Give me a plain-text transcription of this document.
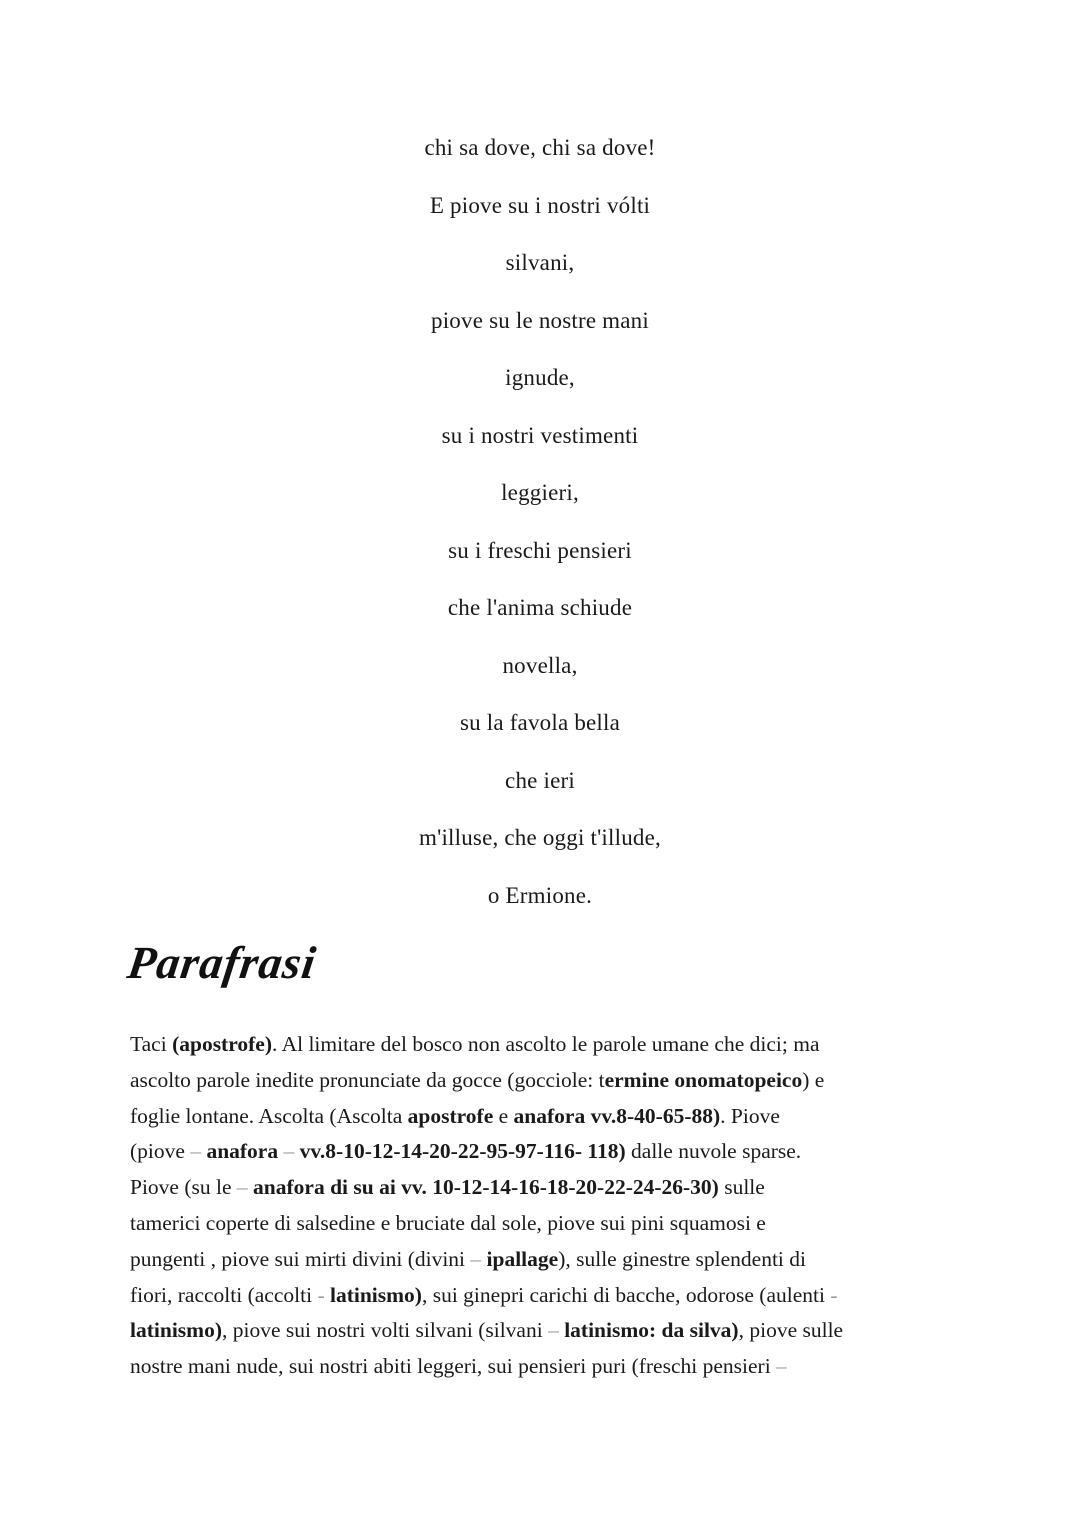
chi sa dove, chi sa dove!
E piove su i nostri vólti
silvani,
piove su le nostre mani
ignude,
su i nostri vestimenti
leggieri,
su i freschi pensieri
che l'anima schiude
novella,
su la favola bella
che ieri
m'illuse, che oggi t'illude,
o Ermione.
Parafrasi
Taci (apostrofe). Al limitare del bosco non ascolto le parole umane che dici; ma
ascolto parole inedite pronunciate da gocce (gocciole: termine onomatopeico) e
foglie lontane. Ascolta (Ascolta apostrofe e anafora vv.8-40-65-88). Piove
(piove – anafora – vv.8-10-12-14-20-22-95-97-116- 118) dalle nuvole sparse.
Piove (su le – anafora di su ai vv. 10-12-14-16-18-20-22-24-26-30) sulle
tamerici coperte di salsedine e bruciate dal sole, piove sui pini squamosi e
pungenti , piove sui mirti divini (divini – ipallage), sulle ginestre splendenti di
fiori, raccolti (accolti - latinismo), sui ginepri carichi di bacche, odorose (aulenti -
latinismo), piove sui nostri volti silvani (silvani – latinismo: da silva), piove sulle
nostre mani nude, sui nostri abiti leggeri, sui pensieri puri (freschi pensieri –
